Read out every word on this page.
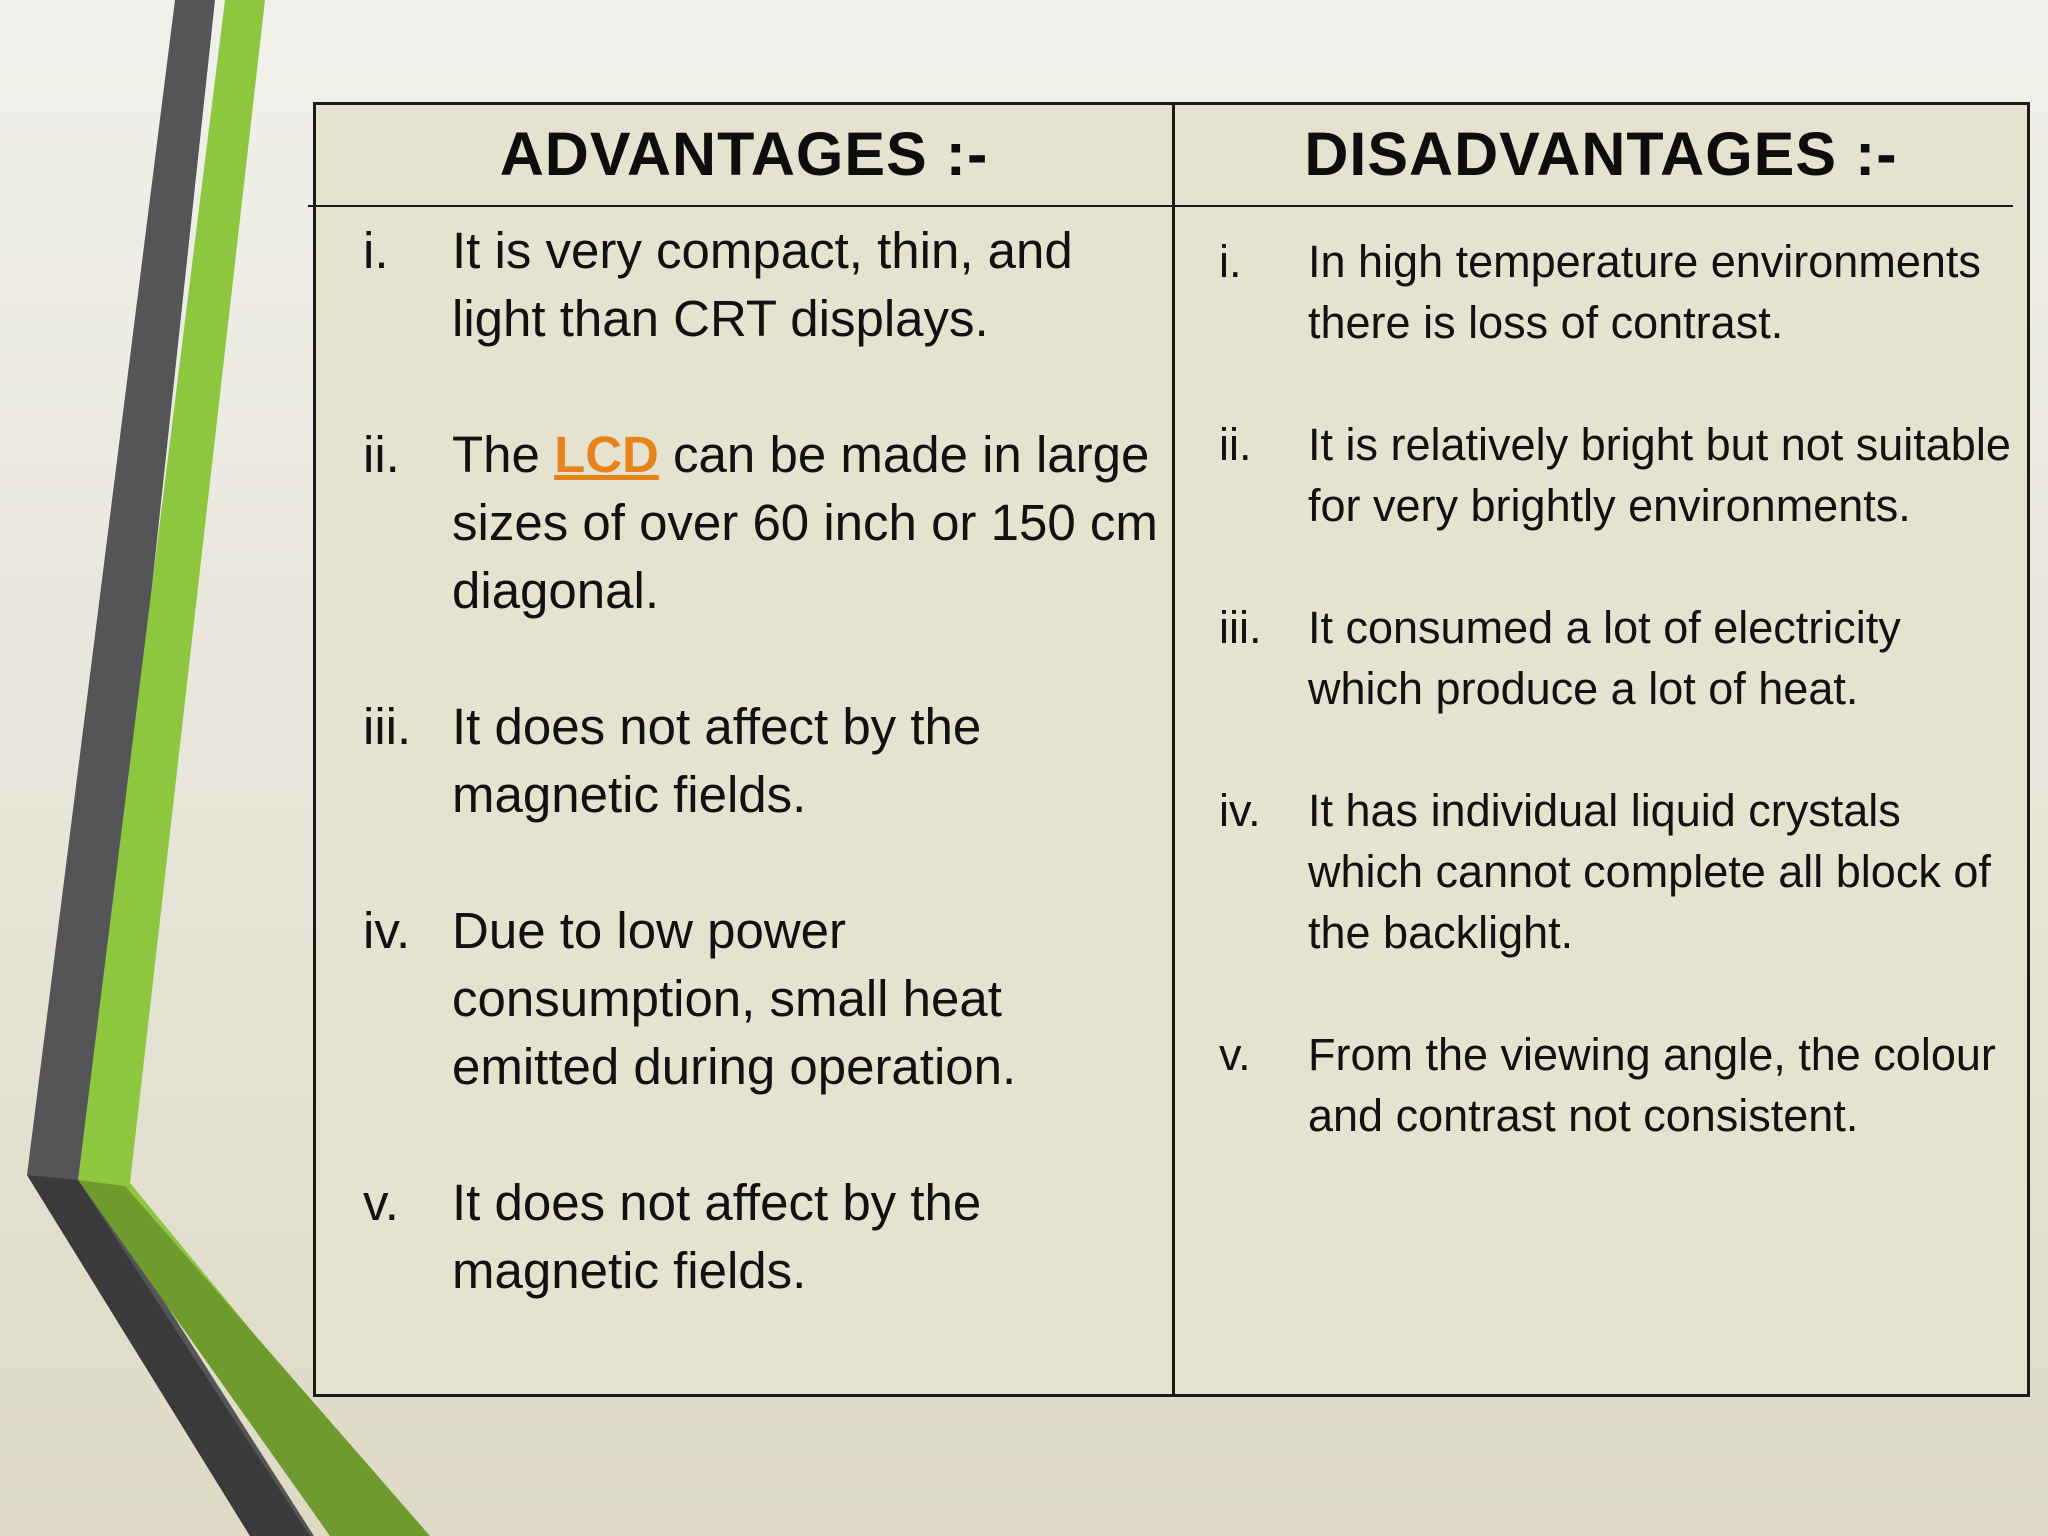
ADVANTAGES :-	DISADVANTAGES :-
i. It is very compact, thin, and light than CRT displays.
ii. The LCD can be made in large sizes of over 60 inch or 150 cm diagonal.
iii. It does not affect by the magnetic fields.
iv. Due to low power consumption, small heat emitted during operation.
v. It does not affect by the magnetic fields.
i. In high temperature environments there is loss of contrast.
ii. It is relatively bright but not suitable for very brightly environments.
iii. It consumed a lot of electricity which produce a lot of heat.
iv. It has individual liquid crystals which cannot complete all block of the backlight.
v. From the viewing angle, the colour and contrast not consistent.
